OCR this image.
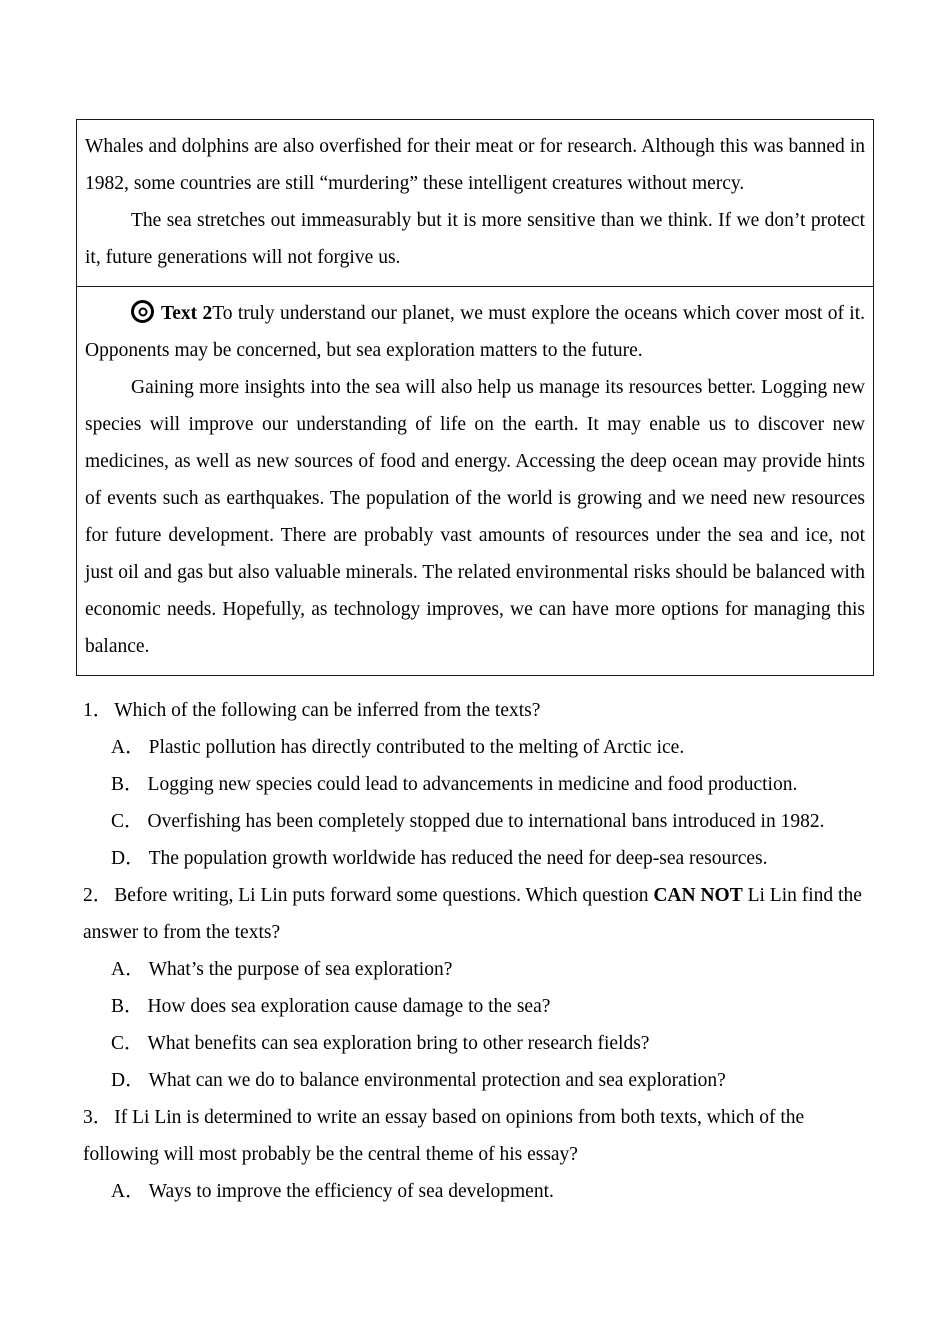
Whales and dolphins are also overfished for their meat or for research. Although this was banned in 1982, some countries are still “murdering” these intelligent creatures without mercy.

The sea stretches out immeasurably but it is more sensitive than we think. If we don’t protect it, future generations will not forgive us.

Text 2To truly understand our planet, we must explore the oceans which cover most of it. Opponents may be concerned, but sea exploration matters to the future.

Gaining more insights into the sea will also help us manage its resources better. Logging new species will improve our understanding of life on the earth. It may enable us to discover new medicines, as well as new sources of food and energy. Accessing the deep ocean may provide hints of events such as earthquakes. The population of the world is growing and we need new resources for future development. There are probably vast amounts of resources under the sea and ice, not just oil and gas but also valuable minerals. The related environmental risks should be balanced with economic needs. Hopefully, as technology improves, we can have more options for managing this balance.

1 ． Which of the following can be inferred from the texts?

A ． Plastic pollution has directly contributed to the melting of Arctic ice.
B ． Logging new species could lead to advancements in medicine and food production.
C ． Overfishing has been completely stopped due to international bans introduced in 1982.
D ． The population growth worldwide has reduced the need for deep-sea resources.

2 ． Before writing, Li Lin puts forward some questions. Which question CAN NOT Li Lin find the answer to from the texts?

A ． What’s the purpose of sea exploration?
B ． How does sea exploration cause damage to the sea?
C ． What benefits can sea exploration bring to other research fields?
D ． What can we do to balance environmental protection and sea exploration?

3 ． If Li Lin is determined to write an essay based on opinions from both texts, which of the following will most probably be the central theme of his essay?

A ． Ways to improve the efficiency of sea development.
